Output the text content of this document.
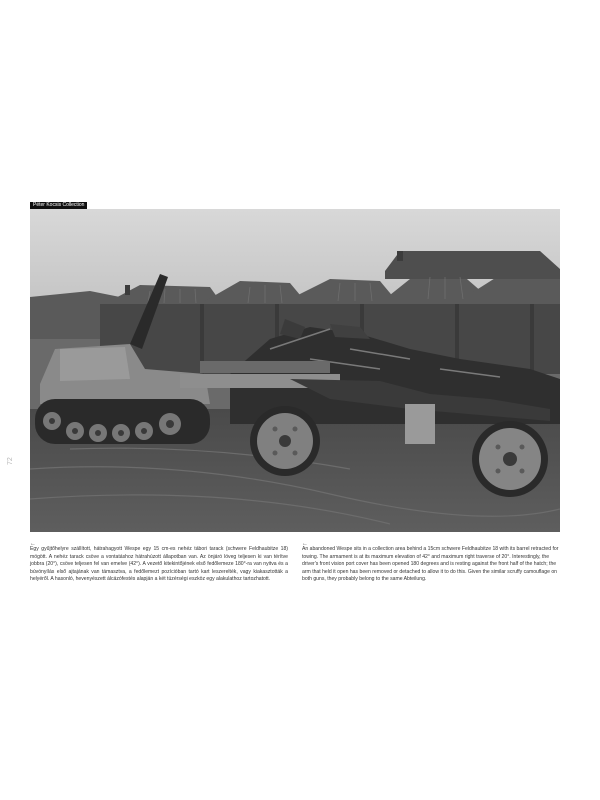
Péter Kocsis Collection
72
←
Egy gyűjtőhelyre szállított, hátrahagyott Wespe egy 15 cm-es nehéz tábori tarack (schwere Feldhaubitze 18) mögött. A nehéz tarack csöve a vontatáshoz hátrahúzott állapotban van. Az önjáró löveg teljesen ki van térítve jobbra (20°), csöve teljesen fel van emelve (42°). A vezető kitekintőjének első fedőlemeze 180°-ra van nyitva és a búvónyílás első ajtajának van támasztva, a fedőlemezt pozícióban tartó kart leszerelték, vagy kiakasztották a helyéről. A hasonló, hevenyészett álcázófestés alapján a két tüzérségi eszköz egy alakulathoz tartozhatott.
←
An abandoned Wespe sits in a collection area behind a 15cm schwere Feldhaubitze 18 with its barrel retracted for towing. The armament is at its maximum elevation of 42° and maximum right traverse of 20°. Interestingly, the driver's front vision port cover has been opened 180 degrees and is resting against the front half of the hatch; the arm that held it open has been removed or detached to allow it to do this. Given the similar scruffy camouflage on both guns, they probably belong to the same Abteilung.
